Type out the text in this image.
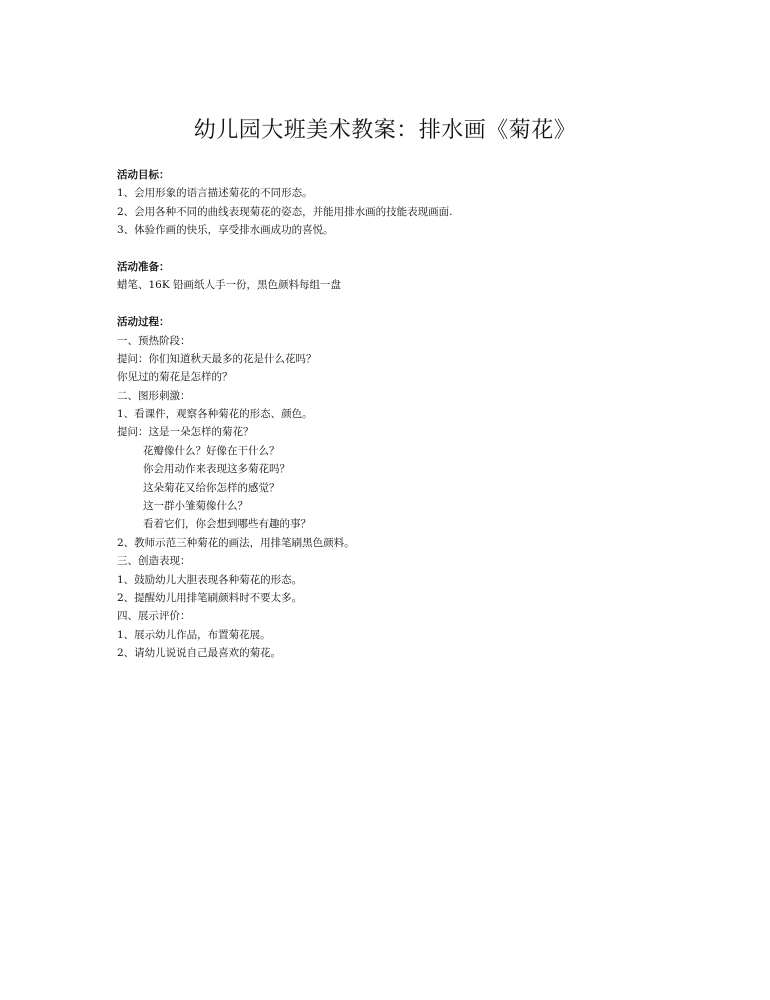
幼儿园大班美术教案：排水画《菊花》
活动目标：
1、会用形象的语言描述菊花的不同形态。
2、会用各种不同的曲线表现菊花的姿态，并能用排水画的技能表现画面.
3、体验作画的快乐，享受排水画成功的喜悦。
活动准备：
蜡笔、16K 铅画纸人手一份，黑色颜料每组一盘
活动过程：
一、预热阶段：
提问：你们知道秋天最多的花是什么花吗？
你见过的菊花是怎样的？
二、图形刺激：
1、看课件，观察各种菊花的形态、颜色。
提问：这是一朵怎样的菊花？
花瓣像什么？好像在干什么？
你会用动作来表现这多菊花吗？
这朵菊花又给你怎样的感觉？
这一群小雏菊像什么？
看着它们，你会想到哪些有趣的事？
2、教师示范三种菊花的画法，用排笔刷黑色颜料。
三、创造表现：
1、鼓励幼儿大胆表现各种菊花的形态。
2、提醒幼儿用排笔刷颜料时不要太多。
四、展示评价：
1、展示幼儿作品，布置菊花展。
2、请幼儿说说自己最喜欢的菊花。
